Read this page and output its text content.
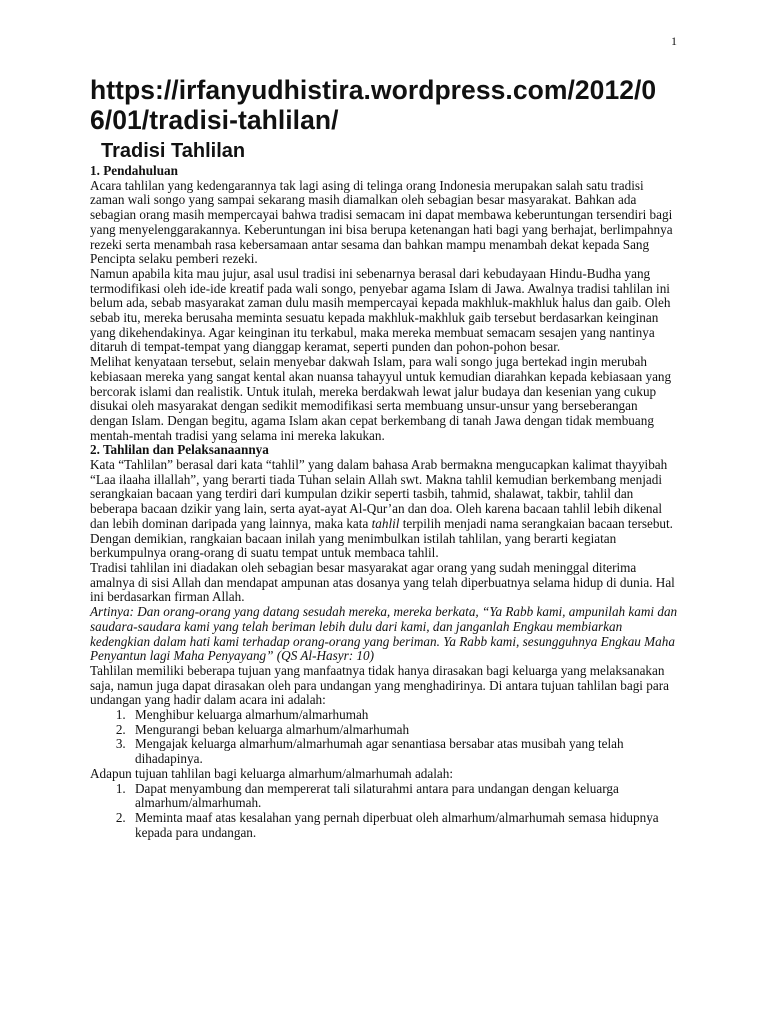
1
https://irfanyudhistira.wordpress.com/2012/06/01/tradisi-tahlilan/
Tradisi Tahlilan
1. Pendahuluan

Acara tahlilan yang kedengarannya tak lagi asing di telinga orang Indonesia merupakan salah satu tradisi zaman wali songo yang sampai sekarang masih diamalkan oleh sebagian besar masyarakat. Bahkan ada sebagian orang masih mempercayai bahwa tradisi semacam ini dapat membawa keberuntungan tersendiri bagi yang menyelenggarakannya. Keberuntungan ini bisa berupa ketenangan hati bagi yang berhajat, berlimpahnya rezeki serta menambah rasa kebersamaan antar sesama dan bahkan mampu menambah dekat kepada Sang Pencipta selaku pemberi rezeki.

Namun apabila kita mau jujur, asal usul tradisi ini sebenarnya berasal dari kebudayaan Hindu-Budha yang termodifikasi oleh ide-ide kreatif pada wali songo, penyebar agama Islam di Jawa. Awalnya tradisi tahlilan ini belum ada, sebab masyarakat zaman dulu masih mempercayai kepada makhluk-makhluk halus dan gaib. Oleh sebab itu, mereka berusaha meminta sesuatu kepada makhluk-makhluk gaib tersebut berdasarkan keinginan yang dikehendakinya. Agar keinginan itu terkabul, maka mereka membuat semacam sesajen yang nantinya ditaruh di tempat-tempat yang dianggap keramat, seperti punden dan pohon-pohon besar.

Melihat kenyataan tersebut, selain menyebar dakwah Islam, para wali songo juga bertekad ingin merubah kebiasaan mereka yang sangat kental akan nuansa tahayyul untuk kemudian diarahkan kepada kebiasaan yang bercorak islami dan realistik. Untuk itulah, mereka berdakwah lewat jalur budaya dan kesenian yang cukup disukai oleh masyarakat dengan sedikit memodifikasi serta membuang unsur-unsur yang berseberangan dengan Islam. Dengan begitu, agama Islam akan cepat berkembang di tanah Jawa dengan tidak membuang mentah-mentah tradisi yang selama ini mereka lakukan.

2. Tahlilan dan Pelaksanaannya

Kata “Tahlilan” berasal dari kata “tahlil” yang dalam bahasa Arab bermakna mengucapkan kalimat thayyibah “Laa ilaaha illallah”, yang berarti tiada Tuhan selain Allah swt. Makna tahlil kemudian berkembang menjadi serangkaian bacaan yang terdiri dari kumpulan dzikir seperti tasbih, tahmid, shalawat, takbir, tahlil dan beberapa bacaan dzikir yang lain, serta ayat-ayat Al-Qur’an dan doa. Oleh karena bacaan tahlil lebih dikenal dan lebih dominan daripada yang lainnya, maka kata tahlil terpilih menjadi nama serangkaian bacaan tersebut. Dengan demikian, rangkaian bacaan inilah yang menimbulkan istilah tahlilan, yang berarti kegiatan berkumpulnya orang-orang di suatu tempat untuk membaca tahlil.

Tradisi tahlilan ini diadakan oleh sebagian besar masyarakat agar orang yang sudah meninggal diterima amalnya di sisi Allah dan mendapat ampunan atas dosanya yang telah diperbuatnya selama hidup di dunia. Hal ini berdasarkan firman Allah.

Artinya: Dan orang-orang yang datang sesudah mereka, mereka berkata, “Ya Rabb kami, ampunilah kami dan saudara-saudara kami yang telah beriman lebih dulu dari kami, dan janganlah Engkau membiarkan kedengkian dalam hati kami terhadap orang-orang yang beriman. Ya Rabb kami, sesungguhnya Engkau Maha Penyantun lagi Maha Penyayang” (QS Al-Hasyr: 10)

Tahlilan memiliki beberapa tujuan yang manfaatnya tidak hanya dirasakan bagi keluarga yang melaksanakan saja, namun juga dapat dirasakan oleh para undangan yang menghadirinya. Di antara tujuan tahlilan bagi para undangan yang hadir dalam acara ini adalah:

1. Menghibur keluarga almarhum/almarhumah
2. Mengurangi beban keluarga almarhum/almarhumah
3. Mengajak keluarga almarhum/almarhumah agar senantiasa bersabar atas musibah yang telah dihadapinya.

Adapun tujuan tahlilan bagi keluarga almarhum/almarhumah adalah:

1. Dapat menyambung dan mempererat tali silaturahmi antara para undangan dengan keluarga almarhum/almarhumah.
2. Meminta maaf atas kesalahan yang pernah diperbuat oleh almarhum/almarhumah semasa hidupnya kepada para undangan.
